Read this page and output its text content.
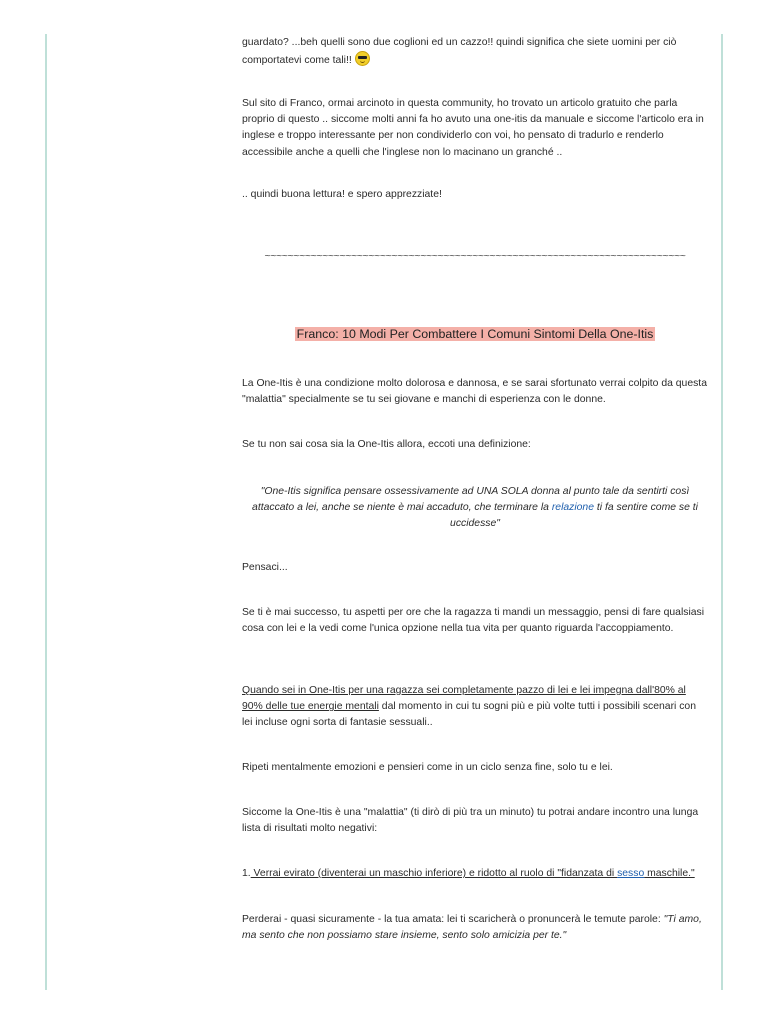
guardato? ...beh quelli sono due coglioni ed un cazzo!! quindi significa che siete uomini per ciò comportatevi come tali!!

Sul sito di Franco, ormai arcinoto in questa community, ho trovato un articolo gratuito che parla proprio di questo .. siccome molti anni fa ho avuto una one-itis da manuale e siccome l'articolo era in inglese e troppo interessante per non condividerlo con voi, ho pensato di tradurlo e renderlo accessibile anche a quelli che l'inglese non lo macinano un granché ..

.. quindi buona lettura! e spero apprezziate!

~~~~~~~~~~~~~~~~~~~~~~~~~~~~~~~~~~~~~~~~~~~~~~~~~~~~~~~~~~~~~~~~~~~~~~~~~

Franco: 10 Modi Per Combattere I Comuni Sintomi Della One-Itis

La One-Itis è una condizione molto dolorosa e dannosa, e se sarai sfortunato verrai colpito da questa "malattia" specialmente se tu sei giovane e manchi di esperienza con le donne.

Se tu non sai cosa sia la One-Itis allora, eccoti una definizione:

"One-Itis significa pensare ossessivamente ad UNA SOLA donna al punto tale da sentirti così attaccato a lei, anche se niente è mai accaduto, che terminare la relazione ti fa sentire come se ti uccidesse"

Pensaci...

Se ti è mai successo, tu aspetti per ore che la ragazza ti mandi un messaggio, pensi di fare qualsiasi cosa con lei e la vedi come l'unica opzione nella tua vita per quanto riguarda l'accoppiamento.

Quando sei in One-Itis per una ragazza sei completamente pazzo di lei e lei impegna dall'80% al 90% delle tue energie mentali dal momento in cui tu sogni più e più volte tutti i possibili scenari con lei incluse ogni sorta di fantasie sessuali..

Ripeti mentalmente emozioni e pensieri come in un ciclo senza fine, solo tu e lei.

Siccome la One-Itis è una "malattia" (ti dirò di più tra un minuto) tu potrai andare incontro una lunga lista di risultati molto negativi:

1. Verrai evirato (diventerai un maschio inferiore) e ridotto al ruolo di "fidanzata di sesso maschile."

Perderai - quasi sicuramente - la tua amata: lei ti scaricherà o pronuncerà le temute parole: "Ti amo, ma sento che non possiamo stare insieme, sento solo amicizia per te."
